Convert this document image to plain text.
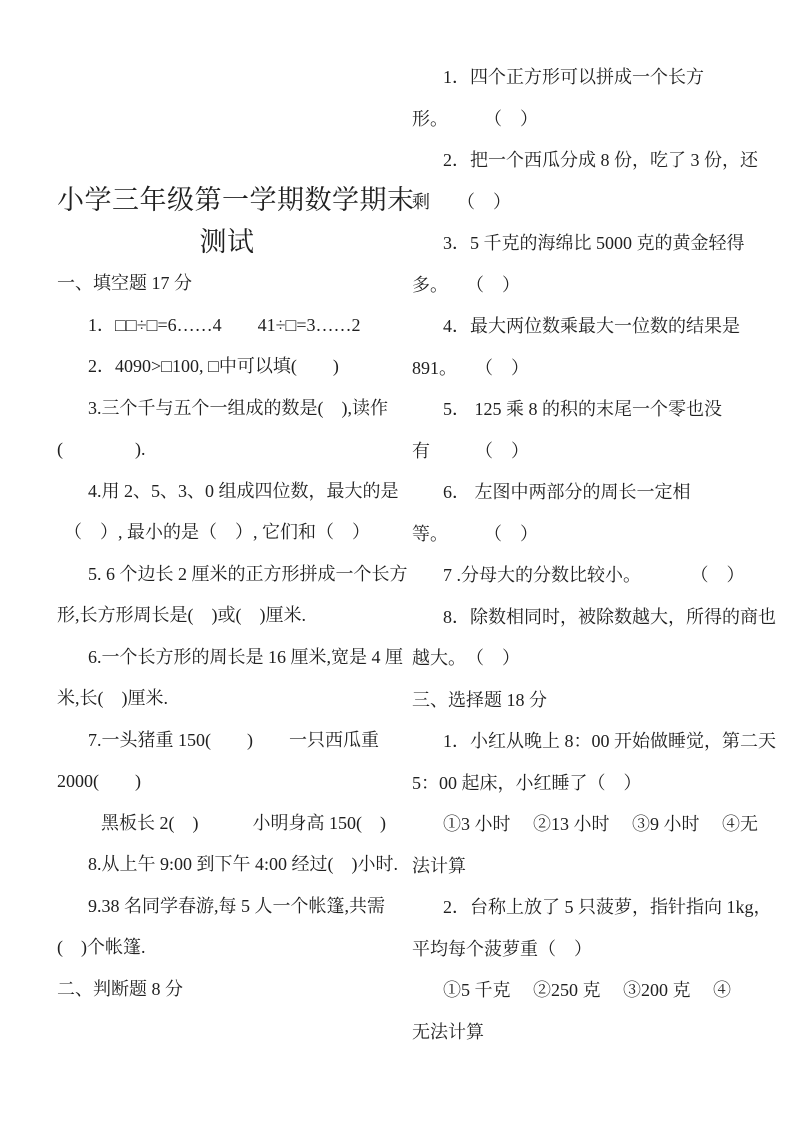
小学三年级第一学期数学期末

测试

一、填空题 17 分

1．□□÷□=6……4　　41÷□=3……2

2．4090>□100, □中可以填(　　)

3.三个千与五个一组成的数是(　),读作

(　　　　).

4.用 2、5、3、0 组成四位数，最大的是

（　）, 最小的是（　）, 它们和（　）

5. 6 个边长 2 厘米的正方形拼成一个长方

形,长方形周长是(　)或(　)厘米.

6.一个长方形的周长是 16 厘米,宽是 4 厘

米,长(　)厘米.

7.一头猪重 150(　　)　　一只西瓜重

2000(　　)

黑板长 2(　)　　　小明身高 150(　)

8.从上午 9:00 到下午 4:00 经过(　)小时.

9.38 名同学春游,每 5 人一个帐篷,共需

(　)个帐篷.

二、判断题 8 分

1．四个正方形可以拼成一个长方

形。　　　（　）

2．把一个西瓜分成 8 份，吃了 3 份，还

剩　　（　）

3．5 千克的海绵比 5000 克的黄金轻得

多。　　（　）

4．最大两位数乘最大一位数的结果是

891。　　（　）

5． 125 乘 8 的积的末尾一个零也没

有　　　（　）

6． 左图中两部分的周长一定相

等。　　　（　）

7 .分母大的分数比较小。　　　 （　）

8．除数相同时，被除数越大，所得的商也

越大。　（　）

三、选择题 18 分

1．小红从晚上 8：00 开始做睡觉，第二天

5：00 起床，小红睡了（　）

①3 小时　 ②13 小时　 ③9 小时　 ④无

法计算

2．台称上放了 5 只菠萝，指针指向 1kg，

平均每个菠萝重（　）

①5 千克　 ②250 克　 ③200 克　 ④

无法计算
